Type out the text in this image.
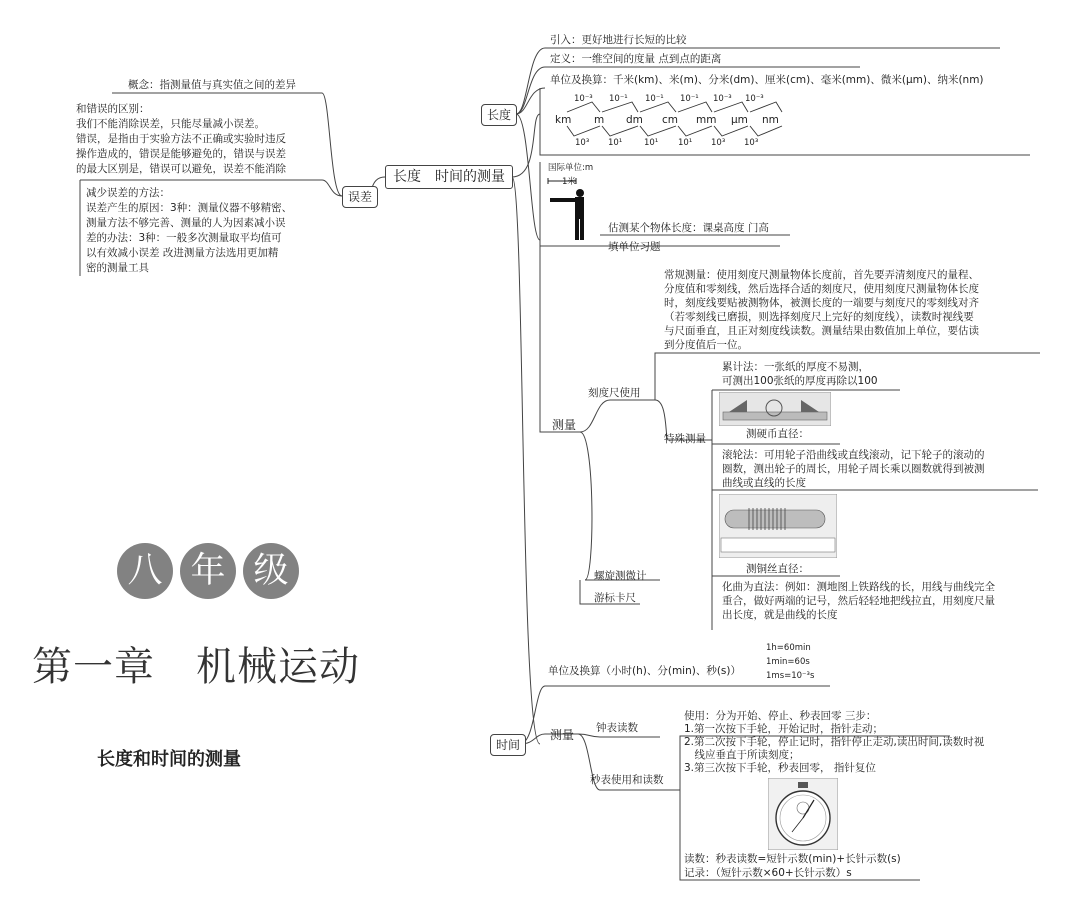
八 年 级
第一章　机械运动
长度和时间的测量
长度　时间的测量
误差
概念：指测量值与真实值之间的差异
和错误的区别：
我们不能消除误差，只能尽量减小误差。
错误，是指由于实验方法不正确或实验时违反
操作造成的，错误是能够避免的，错误与误差
的最大区别是，错误可以避免，误差不能消除
减少误差的方法：
误差产生的原因：3种：测量仪器不够精密、
测量方法不够完善、测量的人为因素减小误
差的办法：3种：一般多次测量取平均值可
以有效减小误差 改进测量方法选用更加精
密的测量工具
长度
引入：更好地进行长短的比较
定义：一维空间的度量 点到点的距离
单位及换算：千米(km)、米(m)、分米(dm)、厘米(cm)、毫米(mm)、微米(μm)、纳米(nm)
10⁻³ 10⁻¹ 10⁻¹ 10⁻¹ 10⁻³ 10⁻³
km m dm cm mm μm nm
10³ 10¹	10¹ 10¹ 10³ 10³
国际单位:m
1米
估测某个物体长度：课桌高度 门高
填单位习题
测量
常规测量：使用刻度尺测量物体长度前，首先要弄清刻度尺的量程、
分度值和零刻线，然后选择合适的刻度尺，使用刻度尺测量物体长度
时，刻度线要贴被测物体，被测长度的一端要与刻度尺的零刻线对齐
（若零刻线已磨损，则选择刻度尺上完好的刻度线），读数时视线要
与尺面垂直，且正对刻度线读数。测量结果由数值加上单位，要估读
到分度值后一位。
刻度尺使用
特殊测量
累计法：一张纸的厚度不易测，
可测出100张纸的厚度再除以100
测硬币直径：
滚轮法：可用轮子沿曲线或直线滚动，记下轮子的滚动的
圈数，测出轮子的周长，用轮子周长乘以圈数就得到被测
曲线或直线的长度
测铜丝直径：
螺旋测微计
游标卡尺
化曲为直法：例如：测地图上铁路线的长，用线与曲线完全
重合，做好两端的记号，然后轻轻地把线拉直，用刻度尺量
出长度，就是曲线的长度
时间
单位及换算（小时(h)、分(min)、秒(s)）
1h=60min
1min=60s
1ms=10⁻³s
测量 钟表读数
秒表使用和读数
使用：分为开始、停止、秒表回零 三步：
1.第一次按下手轮，开始记时，指针走动；
2.第二次按下手轮，停止记时，指针停止走动,读出时间,读数时视
　线应垂直于所读刻度；
3.第三次按下手轮，秒表回零， 指针复位
读数：秒表读数=短针示数(min)+长针示数(s)
记录：（短针示数×60+长针示数）s
